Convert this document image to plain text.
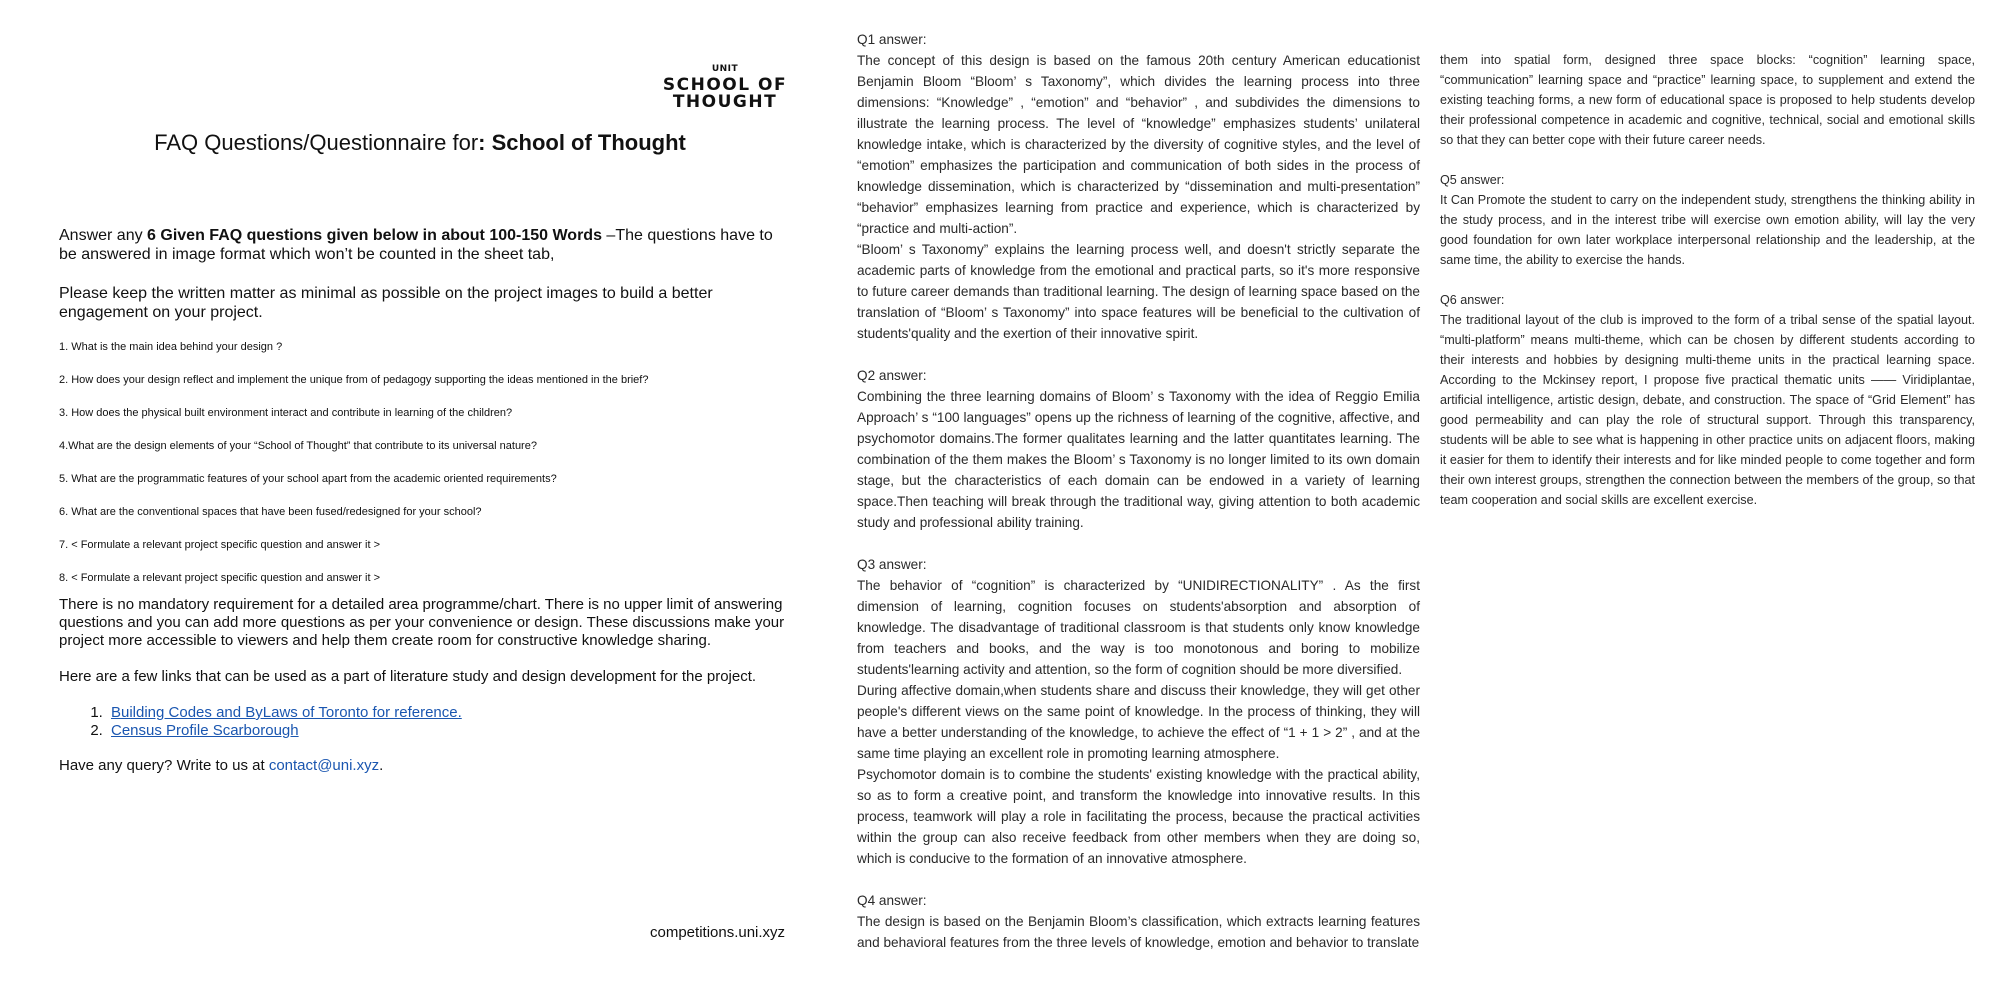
UNIT
SCHOOL OF THOUGHT
FAQ Questions/Questionnaire for: School of Thought
Answer any 6 Given FAQ questions given below in about 100-150 Words –The questions have to be answered in image format which won’t be counted in the sheet tab,
Please keep the written matter as minimal as possible on the project images to build a better engagement on your project.
1. What is the main idea behind your design ?
2. How does your design reflect and implement the unique from of pedagogy supporting the ideas mentioned in the brief?
3. How does the physical built environment interact and contribute in learning of the children?
4.What are the design elements of your “School of Thought” that contribute to its universal nature?
5. What are the programmatic features of your school apart from the academic oriented requirements?
6. What are the conventional spaces that have been fused/redesigned for your school?
7. < Formulate a relevant project specific question and answer it >
8. < Formulate a relevant project specific question and answer it >
There is no mandatory requirement for a detailed area programme/chart. There is no upper limit of answering questions and you can add more questions as per your convenience or design. These discussions make your project more accessible to viewers and help them create room for constructive knowledge sharing.
Here are a few links that can be used as a part of literature study and design development for the project.
1. Building Codes and ByLaws of Toronto for reference.
2. Census Profile Scarborough
Have any query? Write to us at contact@uni.xyz.
competitions.uni.xyz
Q1 answer:

The concept of this design is based on the famous 20th century American educationist Benjamin Bloom “Bloom’ s Taxonomy”, which divides the learning process into three dimensions: “Knowledge” , “emotion” and “behavior” , and subdivides the dimensions to illustrate the learning process. The level of “knowledge” emphasizes students’ unilateral knowledge intake, which is characterized by the diversity of cognitive styles, and the level of “emotion” emphasizes the participation and communication of both sides in the process of knowledge dissemination, which is characterized by “dissemination and multi-presentation” “behavior” emphasizes learning from practice and experience, which is characterized by “practice and multi-action”.

“Bloom’ s Taxonomy” explains the learning process well, and doesn't strictly separate the academic parts of knowledge from the emotional and practical parts, so it's more responsive to future career demands than traditional learning. The design of learning space based on the translation of “Bloom’ s Taxonomy” into space features will be beneficial to the cultivation of students'quality and the exertion of their innovative spirit.

Q2 answer:

Combining the three learning domains of Bloom’ s Taxonomy with the idea of Reggio Emilia Approach’ s “100 languages” opens up the richness of learning of the cognitive, affective, and psychomotor domains.The former qualitates learning and the latter quantitates learning. The combination of the them makes the Bloom’ s Taxonomy is no longer limited to its own domain stage, but the characteristics of each domain can be endowed in a variety of learning space.Then teaching will break through the traditional way, giving attention to both academic study and professional ability training.

Q3 answer:

The behavior of “cognition” is characterized by “UNIDIRECTIONALITY” . As the first dimension of learning, cognition focuses on students'absorption and absorption of knowledge. The disadvantage of traditional classroom is that students only know knowledge from teachers and books, and the way is too monotonous and boring to mobilize students'learning activity and attention, so the form of cognition should be more diversified.

During affective domain,when students share and discuss their knowledge, they will get other people's different views on the same point of knowledge. In the process of thinking, they will have a better understanding of the knowledge, to achieve the effect of “1 + 1 > 2” , and at the same time playing an excellent role in promoting learning atmosphere.

Psychomotor domain is to combine the students' existing knowledge with the practical ability, so as to form a creative point, and transform the knowledge into innovative results. In this process, teamwork will play a role in facilitating the process, because the practical activities within the group can also receive feedback from other members when they are doing so, which is conducive to the formation of an innovative atmosphere.

Q4 answer:

The design is based on the Benjamin Bloom’s classification, which extracts learning features and behavioral features from the three levels of knowledge, emotion and behavior to translate

them into spatial form, designed three space blocks: “cognition” learning space, “communication” learning space and “practice” learning space, to supplement and extend the existing teaching forms, a new form of educational space is proposed to help students develop their professional competence in academic and cognitive, technical, social and emotional skills so that they can better cope with their future career needs.

Q5 answer:

It Can Promote the student to carry on the independent study, strengthens the thinking ability in the study process, and in the interest tribe will exercise own emotion ability, will lay the very good foundation for own later workplace interpersonal relationship and the leadership, at the same time, the ability to exercise the hands.

Q6 answer:

The traditional layout of the club is improved to the form of a tribal sense of the spatial layout. “multi-platform” means multi-theme, which can be chosen by different students according to their interests and hobbies by designing multi-theme units in the practical learning space. According to the Mckinsey report, I propose five practical thematic units —— Viridiplantae, artificial intelligence, artistic design, debate, and construction. The space of “Grid Element” has good permeability and can play the role of structural support. Through this transparency, students will be able to see what is happening in other practice units on adjacent floors, making it easier for them to identify their interests and for like minded people to come together and form their own interest groups, strengthen the connection between the members of the group, so that team cooperation and social skills are excellent exercise.
